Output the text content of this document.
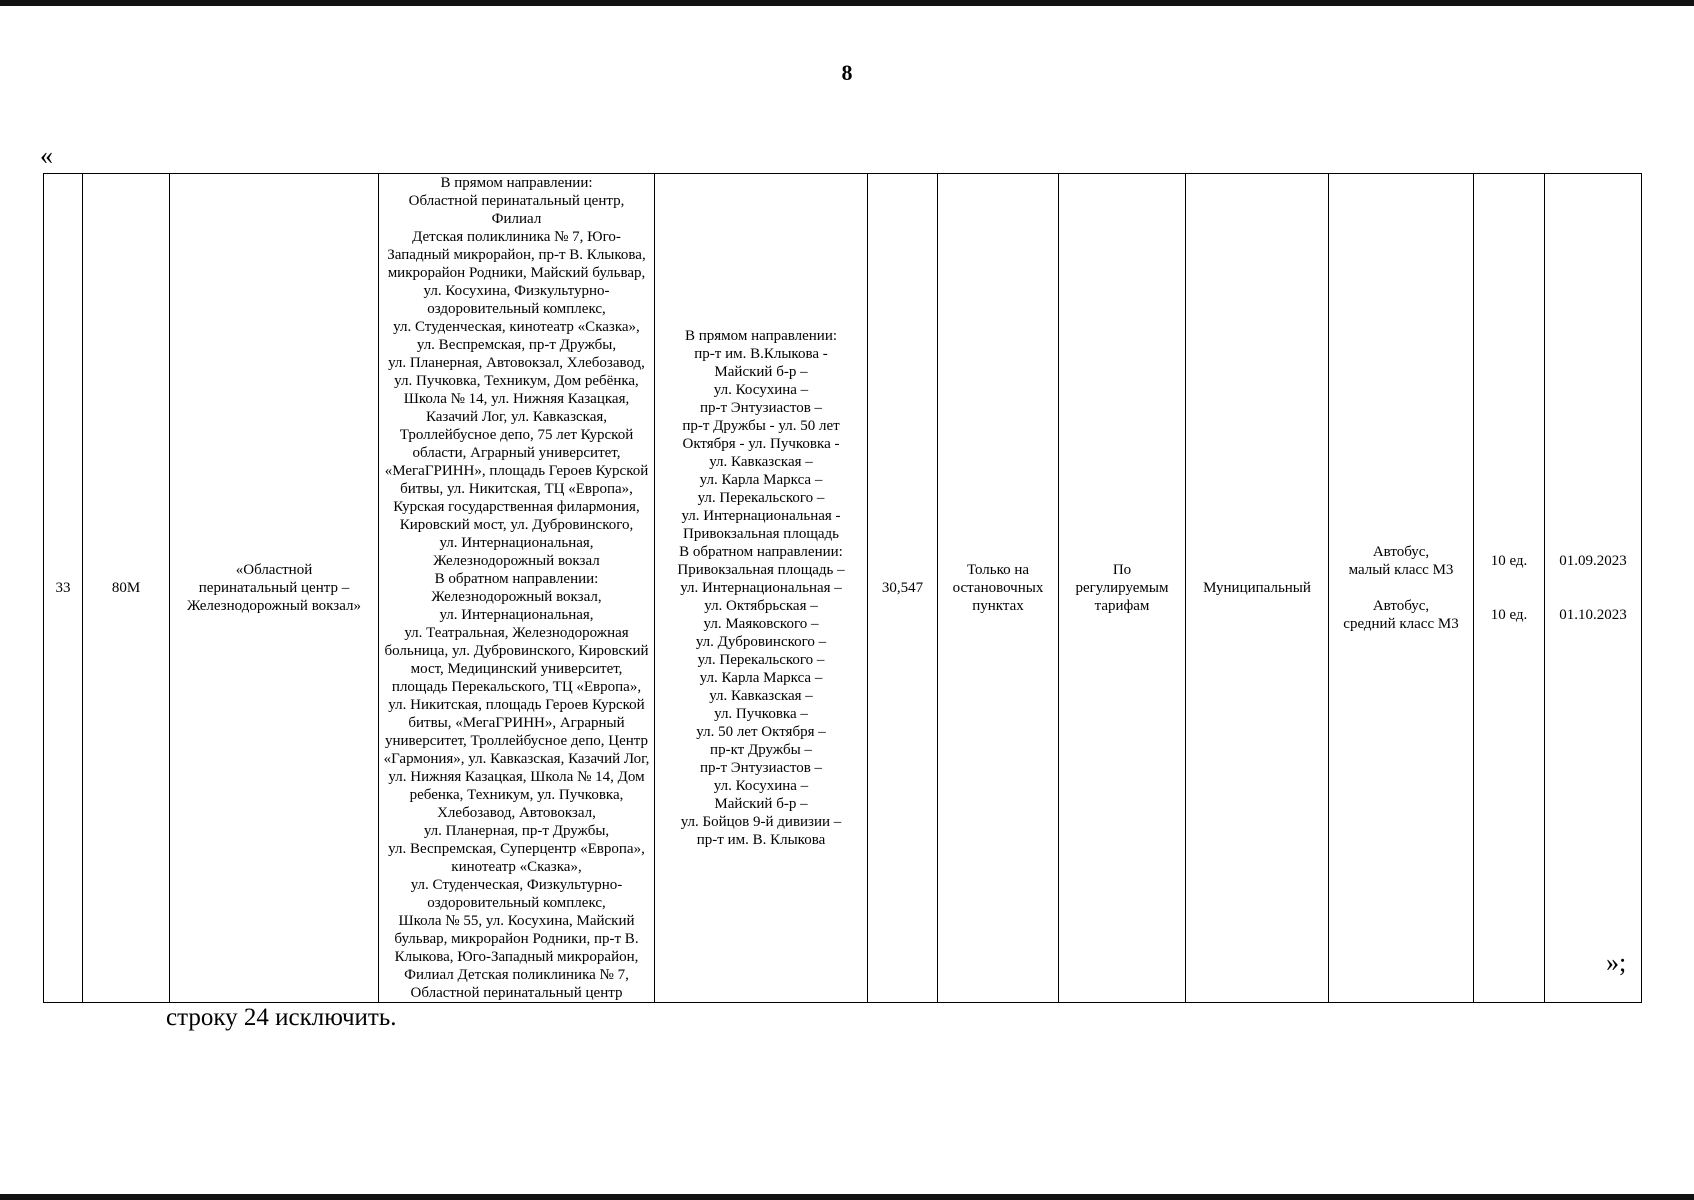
8
«
33	80М	«Областной
перинатальный центр –
Железнодорожный вокзал»	В прямом направлении:
Областной перинатальный центр, Филиал
Детская поликлиника № 7, Юго-
Западный микрорайон, пр-т В. Клыкова,
микрорайон Родники, Майский бульвар,
ул. Косухина, Физкультурно-
оздоровительный комплекс,
ул. Студенческая, кинотеатр «Сказка»,
ул. Веспремская, пр-т Дружбы,
ул. Планерная, Автовокзал, Хлебозавод,
ул. Пучковка, Техникум, Дом ребёнка,
Школа № 14, ул. Нижняя Казацкая,
Казачий Лог, ул. Кавказская,
Троллейбусное депо, 75 лет Курской
области, Аграрный университет,
«МегаГРИНН», площадь Героев Курской
битвы, ул. Никитская, ТЦ «Европа»,
Курская государственная филармония,
Кировский мост, ул. Дубровинского,
ул. Интернациональная,
Железнодорожный вокзал
В обратном направлении:
Железнодорожный вокзал,
ул. Интернациональная,
ул. Театральная, Железнодорожная
больница, ул. Дубровинского, Кировский
мост, Медицинский университет,
площадь Перекальского, ТЦ «Европа»,
ул. Никитская, площадь Героев Курской
битвы, «МегаГРИНН», Аграрный
университет, Троллейбусное депо, Центр
«Гармония», ул. Кавказская, Казачий Лог,
ул. Нижняя Казацкая, Школа № 14, Дом
ребенка, Техникум, ул. Пучковка,
Хлебозавод, Автовокзал,
ул. Планерная, пр-т Дружбы,
ул. Веспремская, Суперцентр «Европа»,
кинотеатр «Сказка»,
ул. Студенческая, Физкультурно-
оздоровительный комплекс,
Школа № 55, ул. Косухина, Майский
бульвар, микрорайон Родники, пр-т В.
Клыкова, Юго-Западный микрорайон,
Филиал Детская поликлиника № 7,
Областной перинатальный центр	В прямом направлении:
пр-т им. В.Клыкова -
Майский б-р –
ул. Косухина –
пр-т Энтузиастов –
пр-т Дружбы - ул. 50 лет
Октября - ул. Пучковка -
ул. Кавказская –
ул. Карла Маркса –
ул. Перекальского –
ул. Интернациональная -
Привокзальная площадь
В обратном направлении:
Привокзальная площадь –
ул. Интернациональная –
ул. Октябрьская –
ул. Маяковского –
ул. Дубровинского –
ул. Перекальского –
ул. Карла Маркса –
ул. Кавказская –
ул. Пучковка –
ул. 50 лет Октября –
пр-кт Дружбы –
пр-т Энтузиастов –
ул. Косухина –
Майский б-р –
ул. Бойцов 9-й дивизии –
пр-т им. В. Клыкова	30,547	Только на
остановочных
пунктах	По
регулируемым
тарифам	Муниципальный	Автобус,
малый класс М3

Автобус,
средний класс М3	10 ед.

10 ед.	01.09.2023

01.10.2023
»;
строку 24 исключить.
